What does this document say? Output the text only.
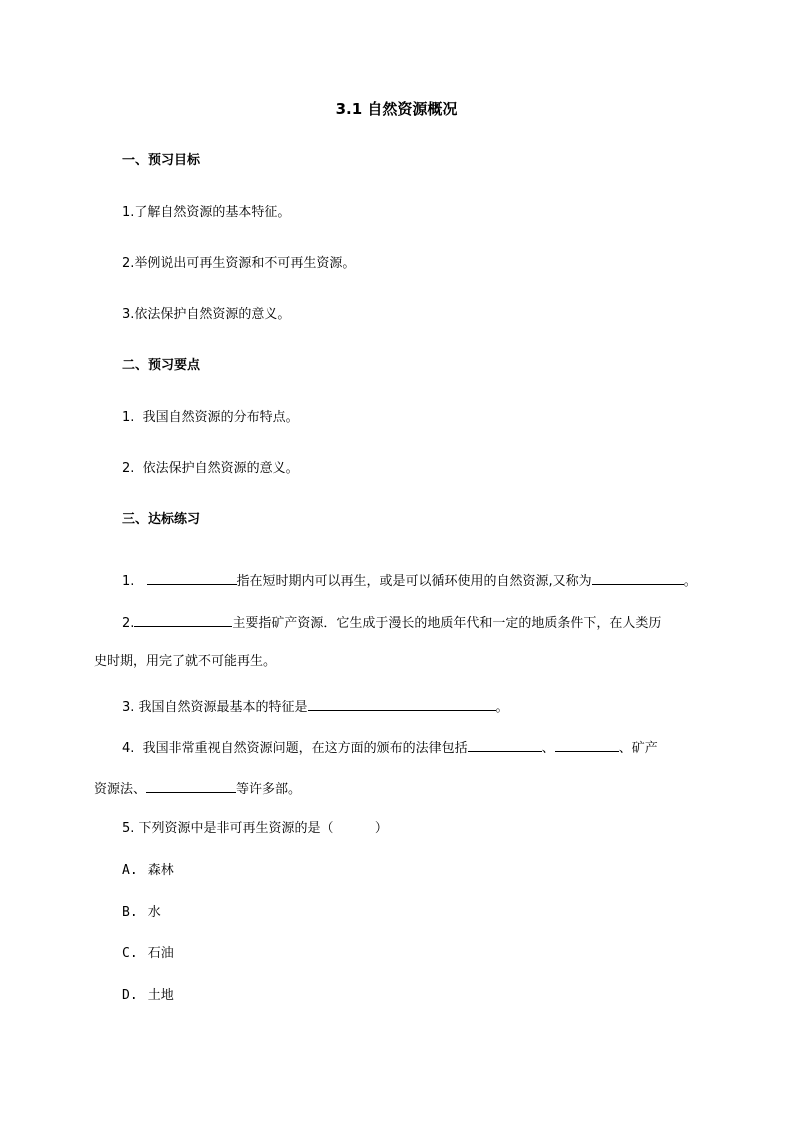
3.1 自然资源概况
一、预习目标
1.了解自然资源的基本特征。
2.举例说出可再生资源和不可再生资源。
3.依法保护自然资源的意义。
二、预习要点
1.  我国自然资源的分布特点。
2.  依法保护自然资源的意义。
三、达标练习
1.	指在短时期内可以再生，或是可以循环使用的自然资源,又称为	。
2.	主要指矿产资源．它生成于漫长的地质年代和一定的地质条件下，在人类历
史时期，用完了就不可能再生。
3. 我国自然资源最基本的特征是	。
4.  我国非常重视自然资源问题，在这方面的颁布的法律包括	、	、矿产
资源法、	等许多部。
5. 下列资源中是非可再生资源的是（          ）
A. 森林
B. 水
C. 石油
D. 土地
